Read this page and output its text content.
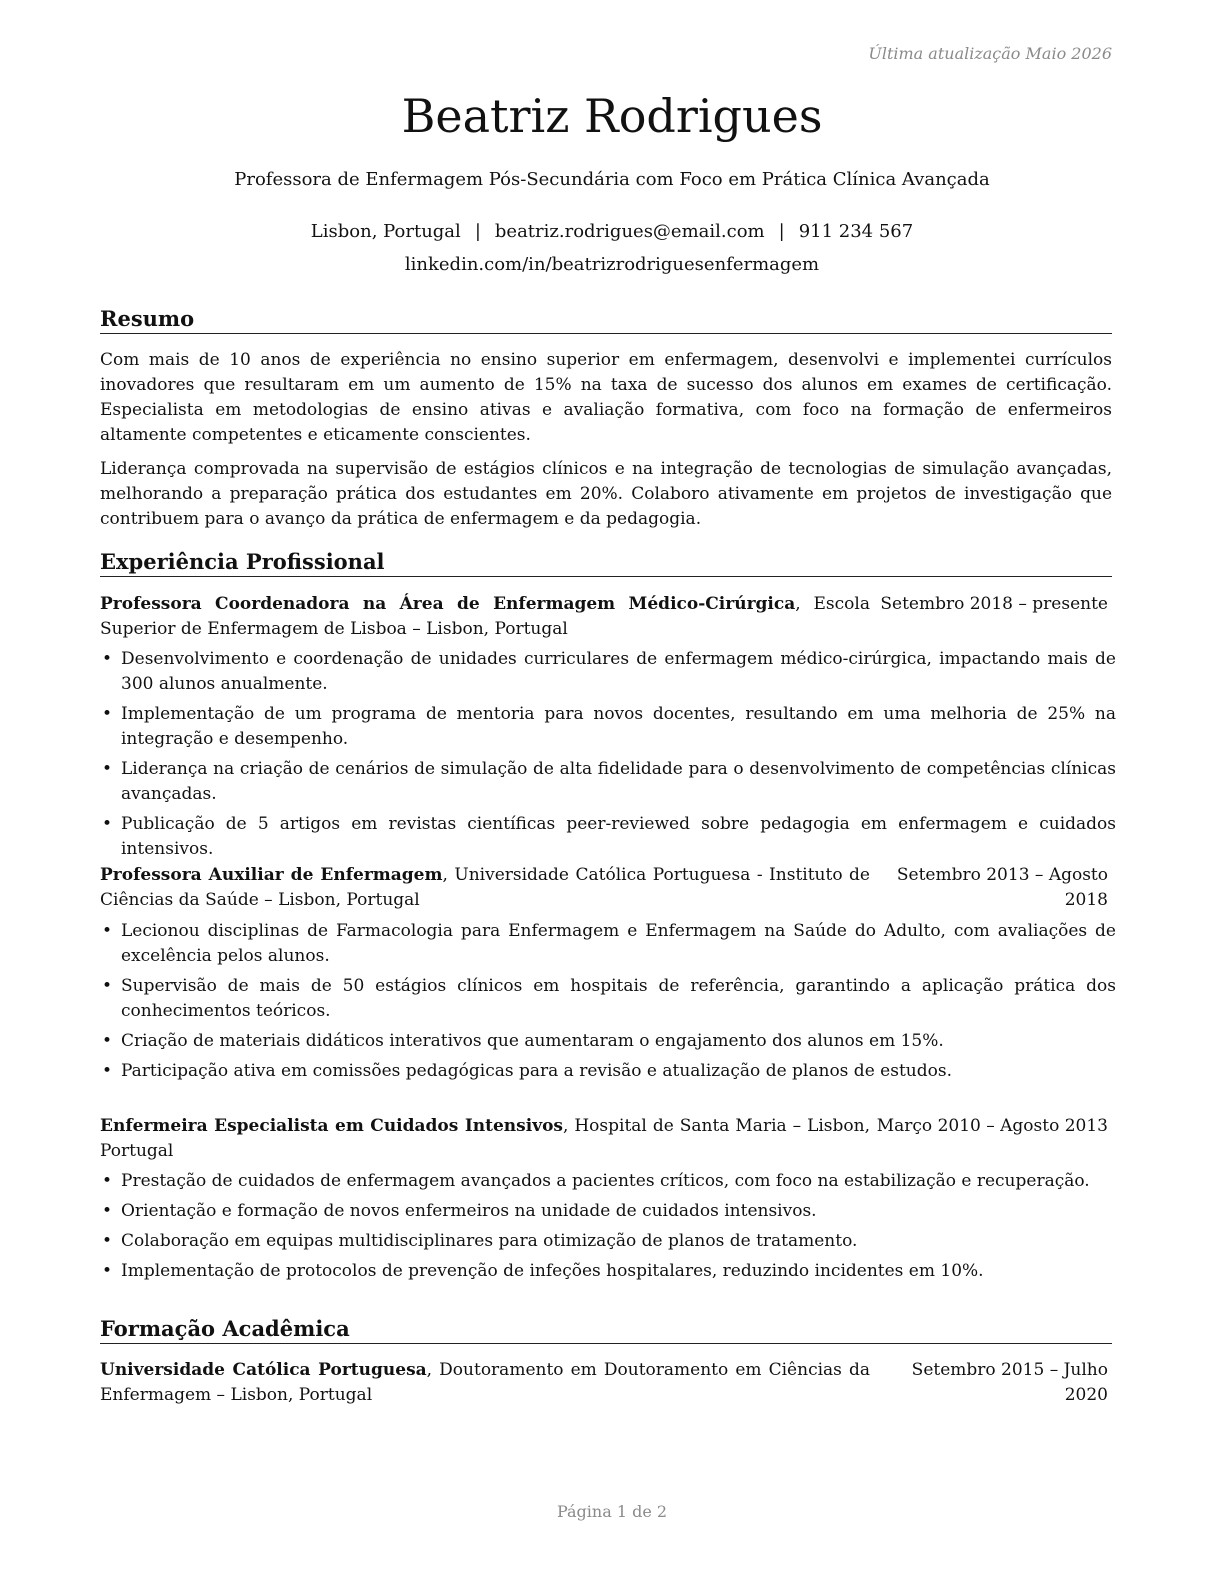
Última atualização Maio 2026
Beatriz Rodrigues
Professora de Enfermagem Pós-Secundária com Foco em Prática Clínica Avançada
Lisbon, Portugal | beatriz.rodrigues@email.com | 911 234 567
linkedin.com/in/beatrizrodriguesenfermagem
Resumo
Com mais de 10 anos de experiência no ensino superior em enfermagem, desenvolvi e implementei currículos inovadores que resultaram em um aumento de 15% na taxa de sucesso dos alunos em exames de certificação. Especialista em metodologias de ensino ativas e avaliação formativa, com foco na formação de enfermeiros altamente competentes e eticamente conscientes.
Liderança comprovada na supervisão de estágios clínicos e na integração de tecnologias de simulação avançadas, melhorando a preparação prática dos estudantes em 20%. Colaboro ativamente em projetos de investigação que contribuem para o avanço da prática de enfermagem e da pedagogia.
Experiência Profissional
Professora Coordenadora na Área de Enfermagem Médico-Cirúrgica, Escola Superior de Enfermagem de Lisboa – Lisbon, PortugalSetembro 2018 – presente
• Desenvolvimento e coordenação de unidades curriculares de enfermagem médico-cirúrgica, impactando mais de 300 alunos anualmente.
• Implementação de um programa de mentoria para novos docentes, resultando em uma melhoria de 25% na integração e desempenho.
• Liderança na criação de cenários de simulação de alta fidelidade para o desenvolvimento de competências clínicas avançadas.
• Publicação de 5 artigos em revistas científicas peer-reviewed sobre pedagogia em enfermagem e cuidados intensivos.
Professora Auxiliar de Enfermagem, Universidade Católica Portuguesa - Instituto de Ciências da Saúde – Lisbon, PortugalSetembro 2013 – Agosto 2018
• Lecionou disciplinas de Farmacologia para Enfermagem e Enfermagem na Saúde do Adulto, com avaliações de excelência pelos alunos.
• Supervisão de mais de 50 estágios clínicos em hospitais de referência, garantindo a aplicação prática dos conhecimentos teóricos.
• Criação de materiais didáticos interativos que aumentaram o engajamento dos alunos em 15%.
• Participação ativa em comissões pedagógicas para a revisão e atualização de planos de estudos.
Enfermeira Especialista em Cuidados Intensivos, Hospital de Santa Maria – Lisbon, PortugalMarço 2010 – Agosto 2013
• Prestação de cuidados de enfermagem avançados a pacientes críticos, com foco na estabilização e recuperação.
• Orientação e formação de novos enfermeiros na unidade de cuidados intensivos.
• Colaboração em equipas multidisciplinares para otimização de planos de tratamento.
• Implementação de protocolos de prevenção de infeções hospitalares, reduzindo incidentes em 10%.
Formação Acadêmica
Universidade Católica Portuguesa, Doutoramento em Doutoramento em Ciências da Enfermagem – Lisbon, PortugalSetembro 2015 – Julho 2020
Página 1 de 2
